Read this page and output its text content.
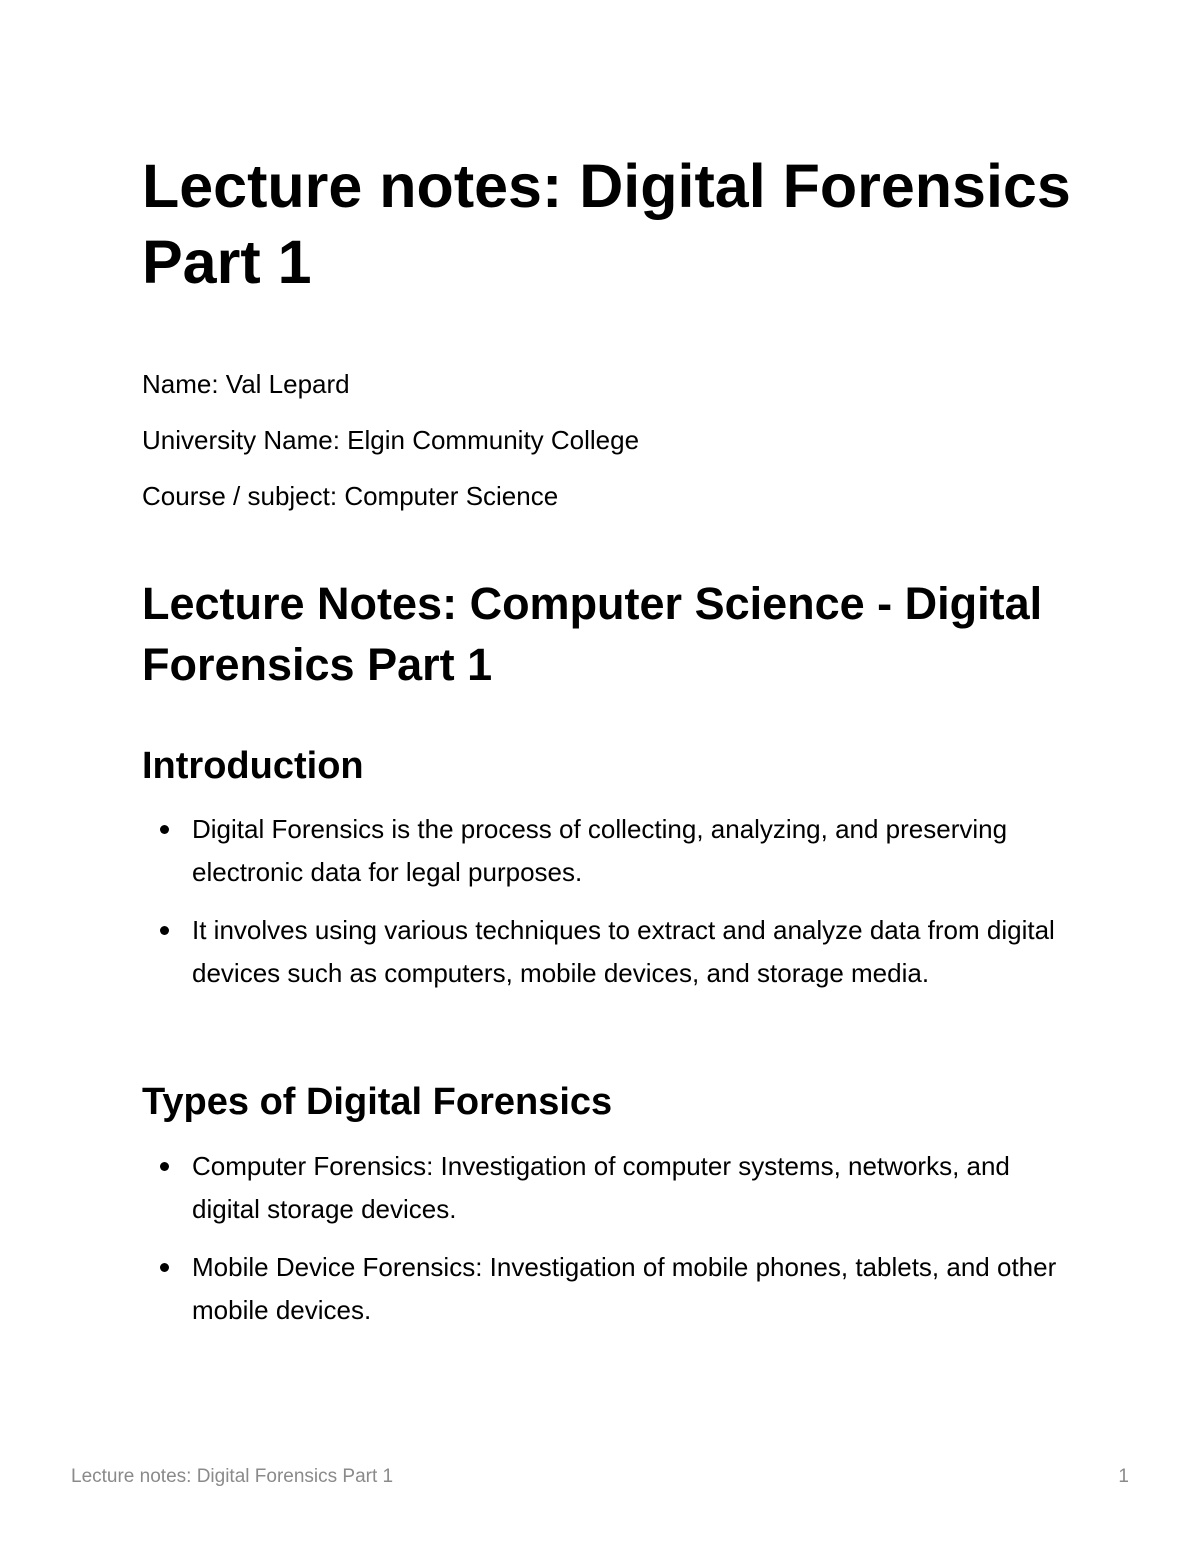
Lecture notes: Digital Forensics Part 1

Name: Val Lepard

University Name: Elgin Community College

Course / subject: Computer Science

Lecture Notes: Computer Science - Digital Forensics Part 1
Introduction
Digital Forensics is the process of collecting, analyzing, and preserving electronic data for legal purposes.
It involves using various techniques to extract and analyze data from digital devices such as computers, mobile devices, and storage media.
Types of Digital Forensics
Computer Forensics: Investigation of computer systems, networks, and digital storage devices.
Mobile Device Forensics: Investigation of mobile phones, tablets, and other mobile devices.
Lecture notes: Digital Forensics Part 1	1
